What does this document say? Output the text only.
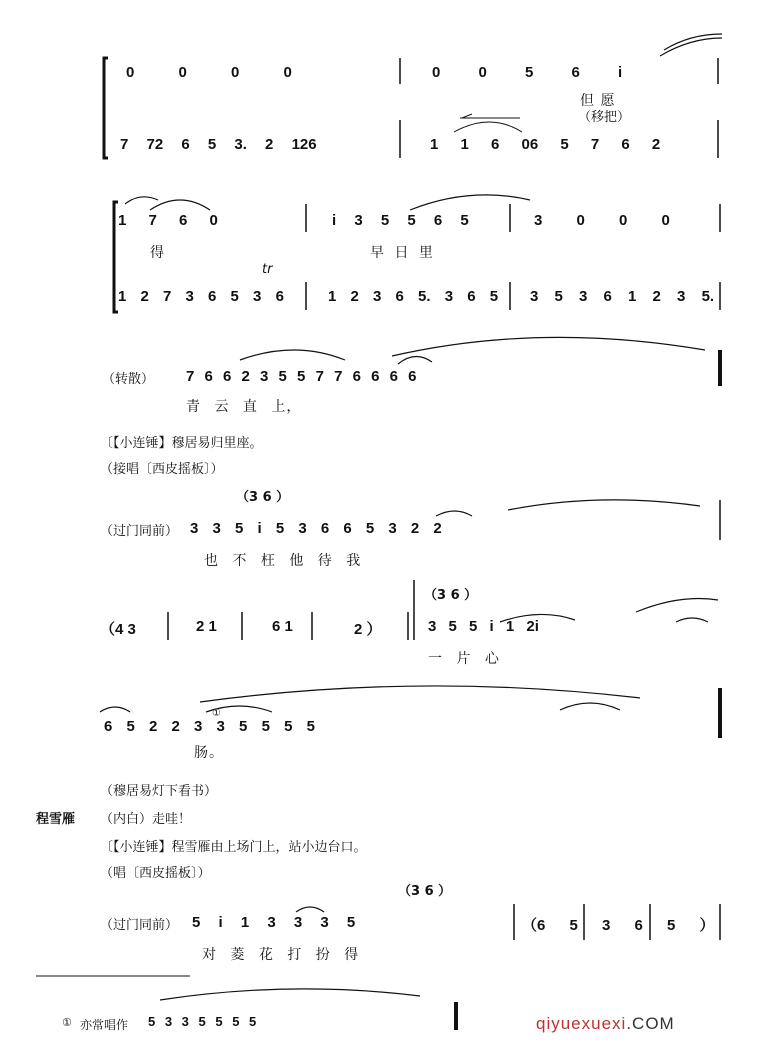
0 0 0 0	0 0 5 6 i
但 愿
（移把）
7 72 6 5 3. 2 126	1 1 6 06 5 7 6 2
1 7 6 0	i 3 5 5 6 5	3 0 0 0
得	早 日 里
tr
1 2 7 3 6 5 3 6	1 2 3 6 5. 3 6 5 3 5 3 6 1 2 3 5.
（转散） 7 6 6 2 3 5 5 7 7 6 6 6 6
青 云 直 上，
〔【小连锤】穆居易归里座。
（接唱〔西皮摇板〕）
（3 6 ）
（过门同前） 3 3 5 i 5 3 6 6 5 3 2 2
也 不 枉 他 待 我
（3 6 ）
（4 3	2 1	6 1	2 ）	3 5 5 i 1 2i
一 片 心
6 5 2 2 3 3 5 5 5 5
①
肠。
（穆居易灯下看书）
程雪雁 （内白）走哇！
〔【小连锤】程雪雁由上场门上，站小边台口。
（唱〔西皮摇板〕）
（3 6 ）
（过门同前） 5 i 1 3 3 3 5	（6 5 3 6 5 ）
对 菱 花 打 扮 得
① 亦常唱作 5 3 3 5 5 5 5	qiyuexuexi.COM
